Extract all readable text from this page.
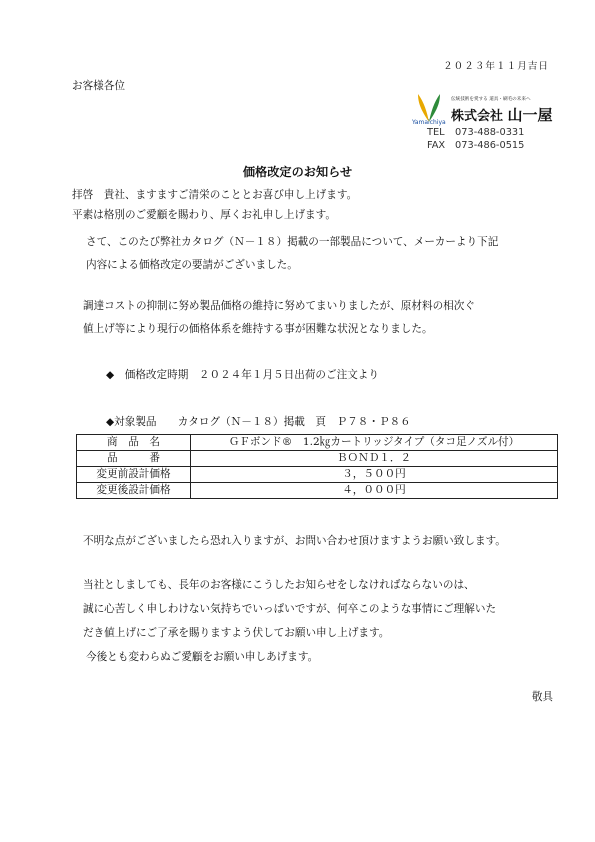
２０２３年１１月吉日
お客様各位
Yamaichiya
伝統技術を愛する 道具・刷毛の未来へ
株式会社 山一屋
TEL 073-488-0331
FAX 073-486-0515
価格改定のお知らせ
拝啓　貴社、ますますご清栄のこととお喜び申し上げます。
平素は格別のご愛顧を賜わり、厚くお礼申し上げます。
さて、このたび弊社カタログ（Ｎ－１８）掲載の一部製品について、メーカーより下記
内容による価格改定の要請がございました。
調達コストの抑制に努め製品価格の維持に努めてまいりましたが、原材料の相次ぐ
値上げ等により現行の価格体系を維持する事が困難な状況となりました。
◆　価格改定時期　２０２４年１月５日出荷のご注文より
◆対象製品　　カタログ（Ｎ－１８）掲載　頁　Ｐ７８・Ｐ８６
商　品　名	ＧＦボンド®　1.2㎏カートリッジタイプ（タコ足ノズル付）
品　　　番	ＢＯＮＤ１．２
変更前設計価格	３，５００円
変更後設計価格	４，０００円
不明な点がございましたら恐れ入りますが、お問い合わせ頂けますようお願い致します。
当社としましても、長年のお客様にこうしたお知らせをしなければならないのは、
誠に心苦しく申しわけない気持ちでいっぱいですが、何卒このような事情にご理解いた
だき値上げにご了承を賜りますよう伏してお願い申し上げます。
今後とも変わらぬご愛顧をお願い申しあげます。
敬具
